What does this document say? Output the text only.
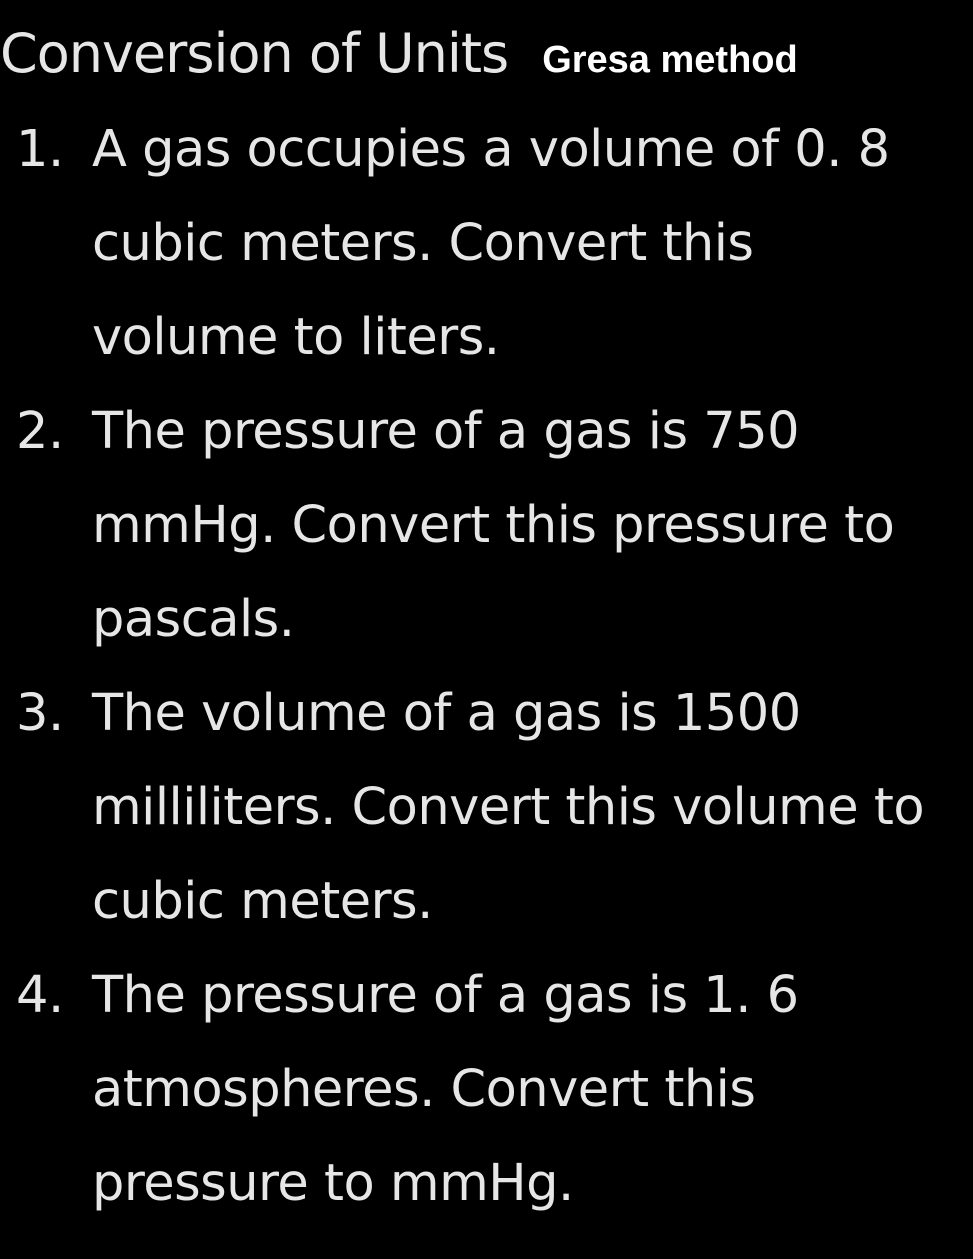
Conversion of Units Gresa method
1. A gas occupies a volume of 0. 8
cubic meters. Convert this
volume to liters.
2. The pressure of a gas is 750
mmHg. Convert this pressure to
pascals.
3. The volume of a gas is 1500
milliliters. Convert this volume to
cubic meters.
4. The pressure of a gas is 1. 6
atmospheres. Convert this
pressure to mmHg.
